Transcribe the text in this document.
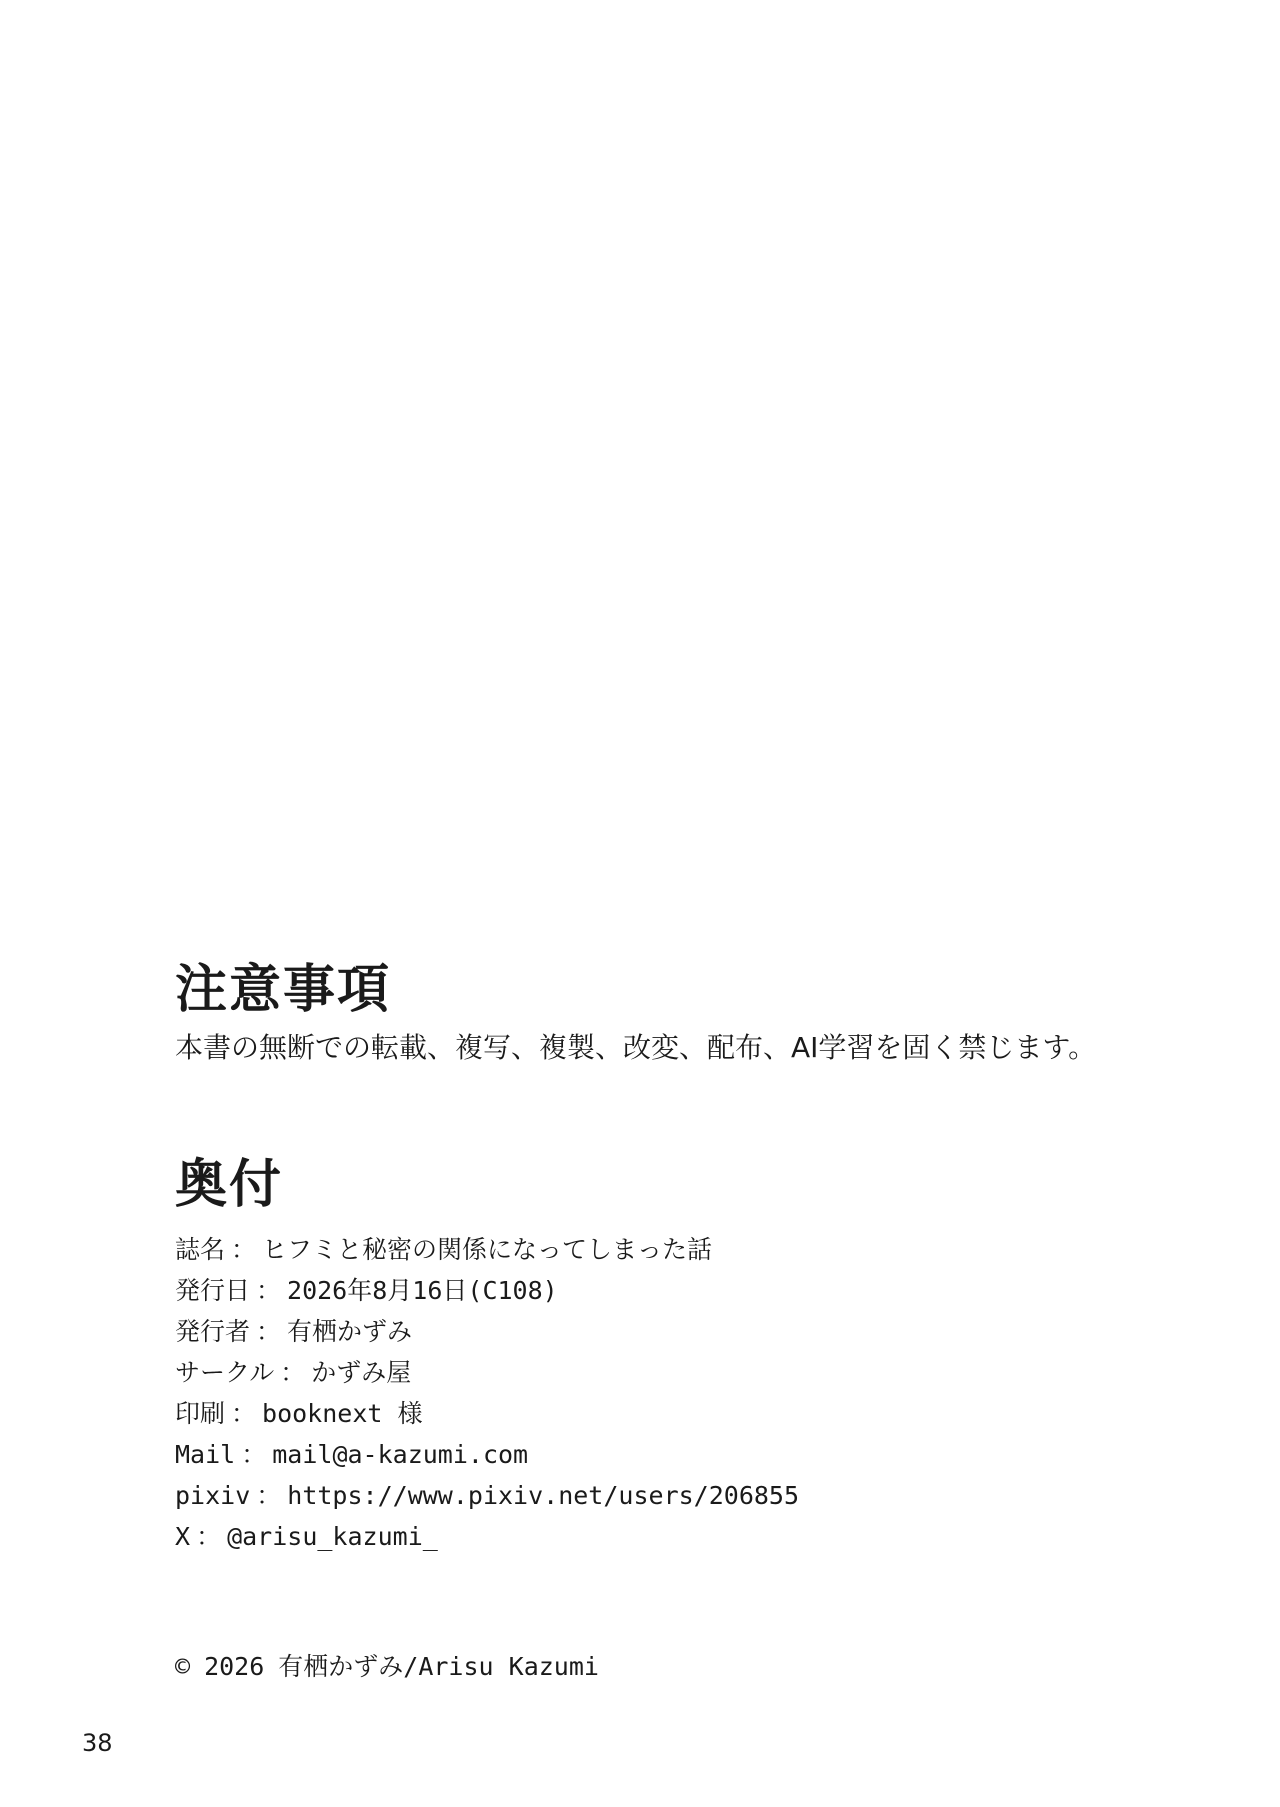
注意事項
本書の無断での転載、複写、複製、改変、配布、AI学習を固く禁じます。
奥付
誌名 ： ヒフミと秘密の関係になってしまった話
発行日 ： 2026年8月16日(C108)
発行者 ： 有栖かずみ
サークル ： かずみ屋
印刷 ： booknext 様
Mail ： mail@a-kazumi.com
pixiv ： https://www.pixiv.net/users/206855
X ： @arisu_kazumi_
© 2026 有栖かずみ/Arisu Kazumi
38
